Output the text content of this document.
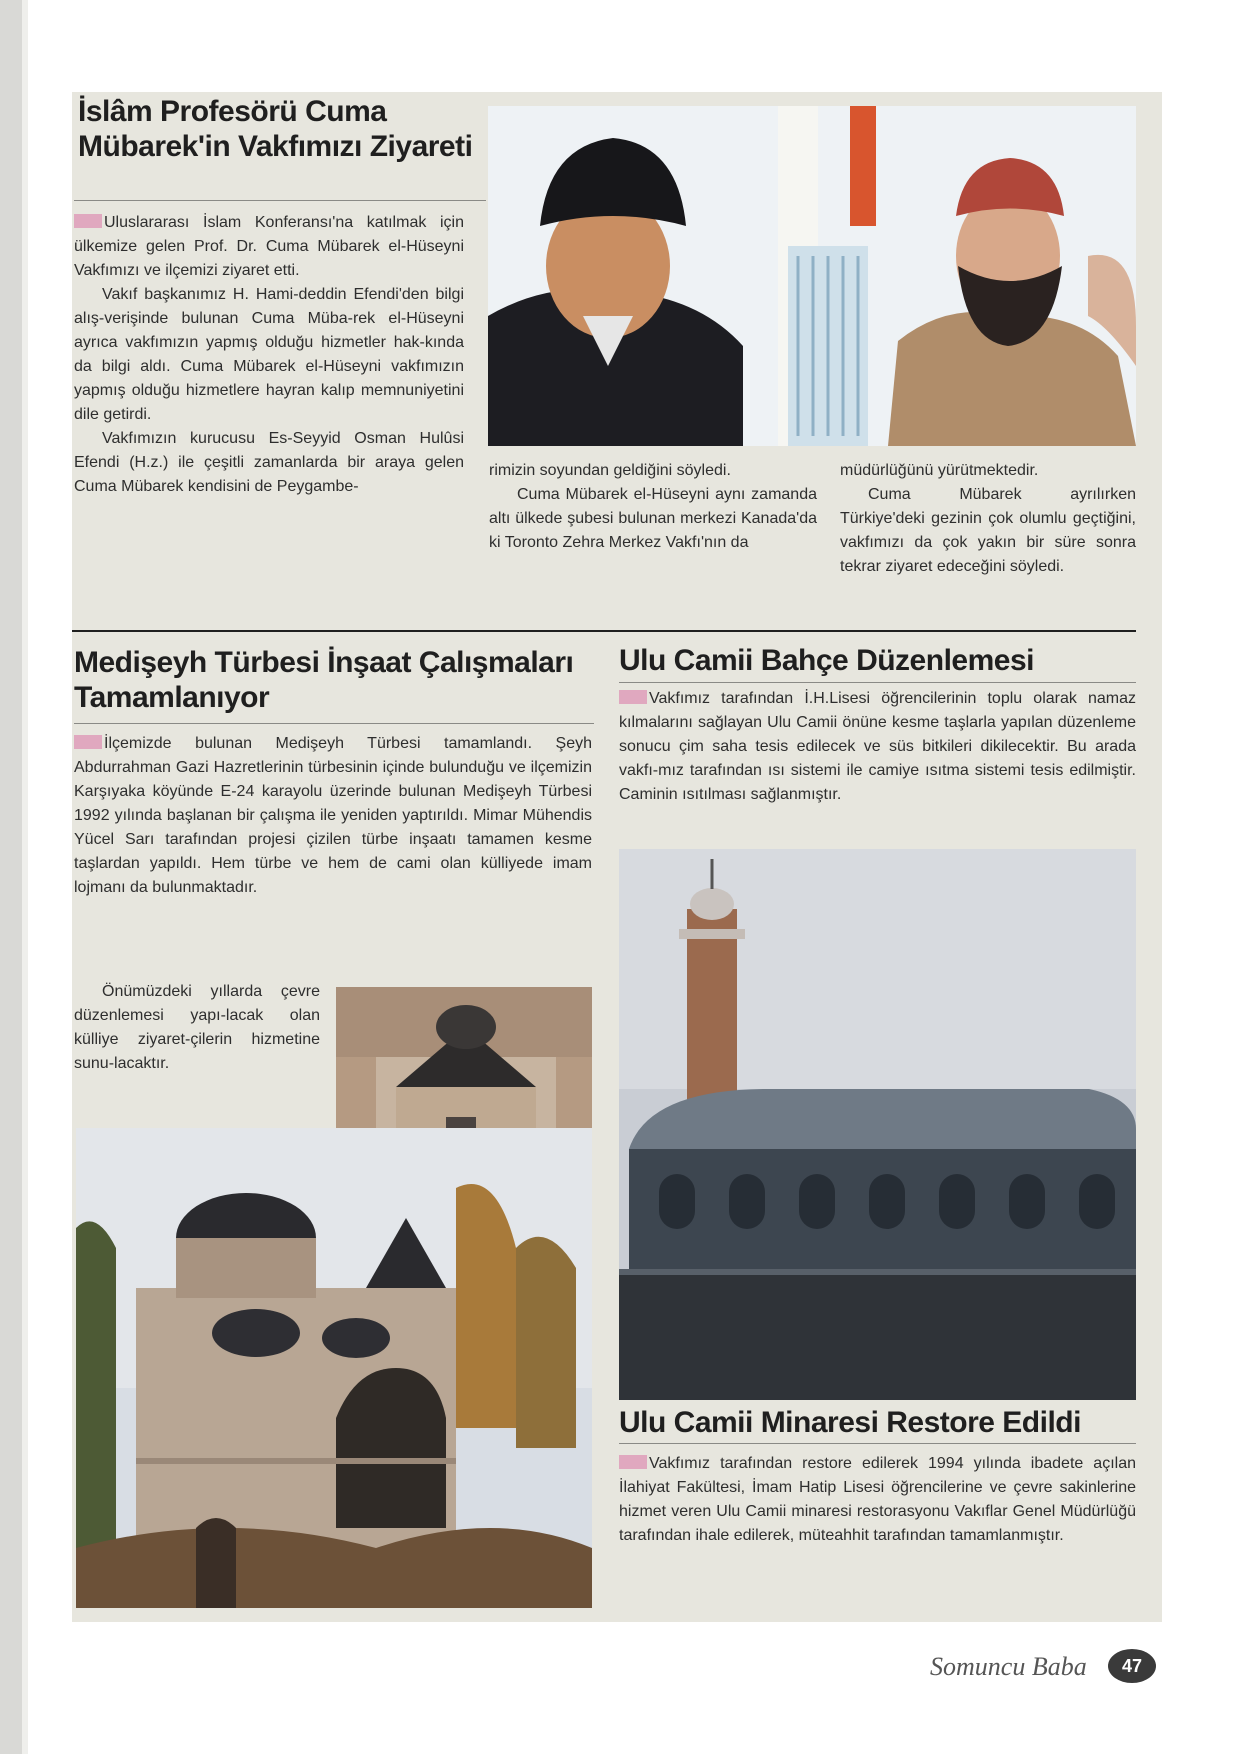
İslâm Profesörü Cuma Mübarek'in Vakfımızı Ziyareti

Uluslararası İslam Konferansı'na katılmak için ülkemize gelen Prof. Dr. Cuma Mübarek el-Hüseyni Vakfımızı ve ilçemizi ziyaret etti.

Vakıf başkanımız H. Hami-deddin Efendi'den bilgi alış-verişinde bulunan Cuma Müba-rek el-Hüseyni ayrıca vakfımızın yapmış olduğu hizmetler hak-kında da bilgi aldı. Cuma Mübarek el-Hüseyni vakfımızın yapmış olduğu hizmetlere hayran kalıp memnuniyetini dile getirdi.

Vakfımızın kurucusu Es-Seyyid Osman Hulûsi Efendi (H.z.) ile çeşitli zamanlarda bir araya gelen Cuma Mübarek kendisini de Peygambe-

rimizin soyundan geldiğini söyledi.

Cuma Mübarek el-Hüseyni aynı zamanda altı ülkede şubesi bulunan merkezi Kanada'da ki Toronto Zehra Merkez Vakfı'nın da

müdürlüğünü yürütmektedir.

Cuma Mübarek ayrılırken Türkiye'deki gezinin çok olumlu geçtiğini, vakfımızı da çok yakın bir süre sonra tekrar ziyaret edeceğini söyledi.

Medişeyh Türbesi İnşaat Çalışmaları Tamamlanıyor

İlçemizde bulunan Medişeyh Türbesi tamamlandı. Şeyh Abdurrahman Gazi Hazretlerinin türbesinin içinde bulunduğu ve ilçemizin Karşıyaka köyünde E-24 karayolu üzerinde bulunan Medişeyh Türbesi 1992 yılında başlanan bir çalışma ile yeniden yaptırıldı. Mimar Mühendis Yücel Sarı tarafından projesi çizilen türbe inşaatı tamamen kesme taşlardan yapıldı. Hem türbe ve hem de cami olan külliyede imam lojmanı da bulunmaktadır.

Önümüzdeki yıllarda çevre düzenlemesi yapı-lacak olan külliye ziyaret-çilerin hizmetine sunu-lacaktır.

Ulu Camii Bahçe Düzenlemesi

Vakfımız tarafından İ.H.Lisesi öğrencilerinin toplu olarak namaz kılmalarını sağlayan Ulu Camii önüne kesme taşlarla yapılan düzenleme sonucu çim saha tesis edilecek ve süs bitkileri dikilecektir. Bu arada vakfı-mız tarafından ısı sistemi ile camiye ısıtma sistemi tesis edilmiştir. Caminin ısıtılması sağlanmıştır.

Ulu Camii Minaresi Restore Edildi

Vakfımız tarafından restore edilerek 1994 yılında ibadete açılan İlahiyat Fakültesi, İmam Hatip Lisesi öğrencilerine ve çevre sakinlerine hizmet veren Ulu Camii minaresi restorasyonu Vakıflar Genel Müdürlüğü tarafından ihale edilerek, müteahhit tarafından tamamlanmıştır.

Somuncu Baba	47
